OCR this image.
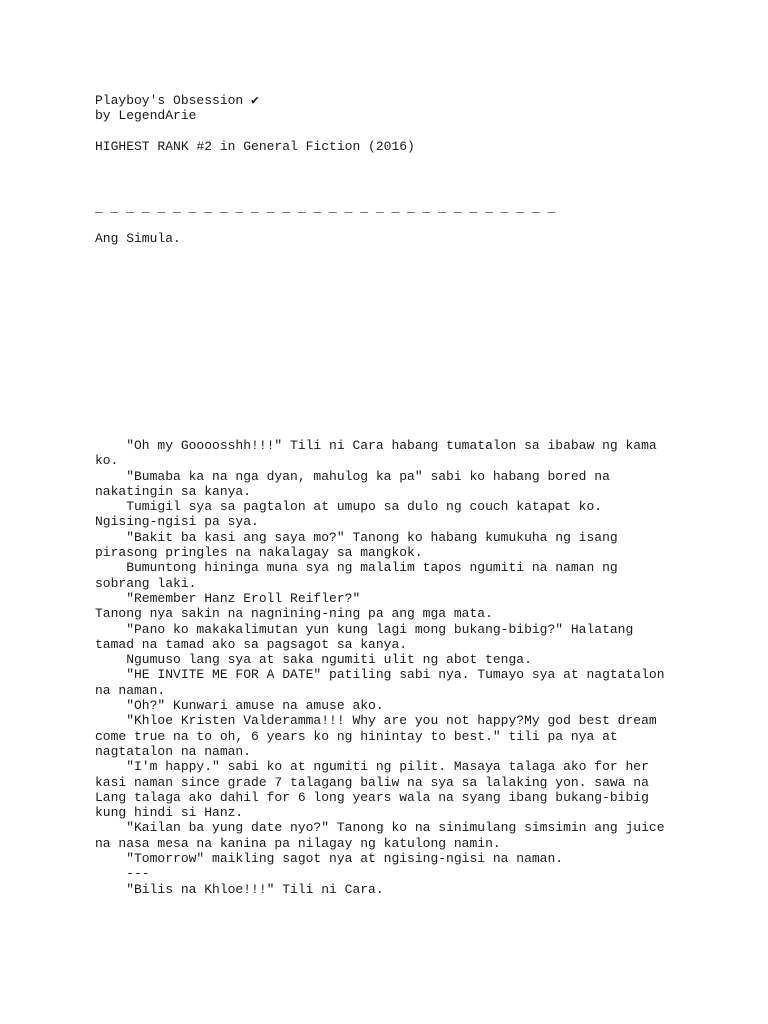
Playboy's Obsession ✔
by LegendArie
HIGHEST RANK #2 in General Fiction (2016)
_ _ _ _ _ _ _ _ _ _ _ _ _ _ _ _ _ _ _ _ _ _ _ _ _ _ _ _ _ _
Ang Simula.
"Oh my Goooosshh!!!" Tili ni Cara habang tumatalon sa ibabaw ng kama
ko.
"Bumaba ka na nga dyan, mahulog ka pa" sabi ko habang bored na
nakatingin sa kanya.
Tumigil sya sa pagtalon at umupo sa dulo ng couch katapat ko.
Ngising-ngisi pa sya.
"Bakit ba kasi ang saya mo?" Tanong ko habang kumukuha ng isang
pirasong pringles na nakalagay sa mangkok.
Bumuntong hininga muna sya ng malalim tapos ngumiti na naman ng
sobrang laki.
"Remember Hanz Eroll Reifler?"
Tanong nya sakin na nagnining-ning pa ang mga mata.
"Pano ko makakalimutan yun kung lagi mong bukang-bibig?" Halatang
tamad na tamad ako sa pagsagot sa kanya.
Ngumuso lang sya at saka ngumiti ulit ng abot tenga.
"HE INVITE ME FOR A DATE" patiling sabi nya. Tumayo sya at nagtatalon
na naman.
"Oh?" Kunwari amuse na amuse ako.
"Khloe Kristen Valderamma!!! Why are you not happy?My god best dream
come true na to oh, 6 years ko ng hinintay to best." tili pa nya at
nagtatalon na naman.
"I'm happy." sabi ko at ngumiti ng pilit. Masaya talaga ako for her
kasi naman since grade 7 talagang baliw na sya sa lalaking yon. sawa na
Lang talaga ako dahil for 6 long years wala na syang ibang bukang-bibig
kung hindi si Hanz.
"Kailan ba yung date nyo?" Tanong ko na sinimulang simsimin ang juice
na nasa mesa na kanina pa nilagay ng katulong namin.
"Tomorrow" maikling sagot nya at ngising-ngisi na naman.
---
"Bilis na Khloe!!!" Tili ni Cara.
